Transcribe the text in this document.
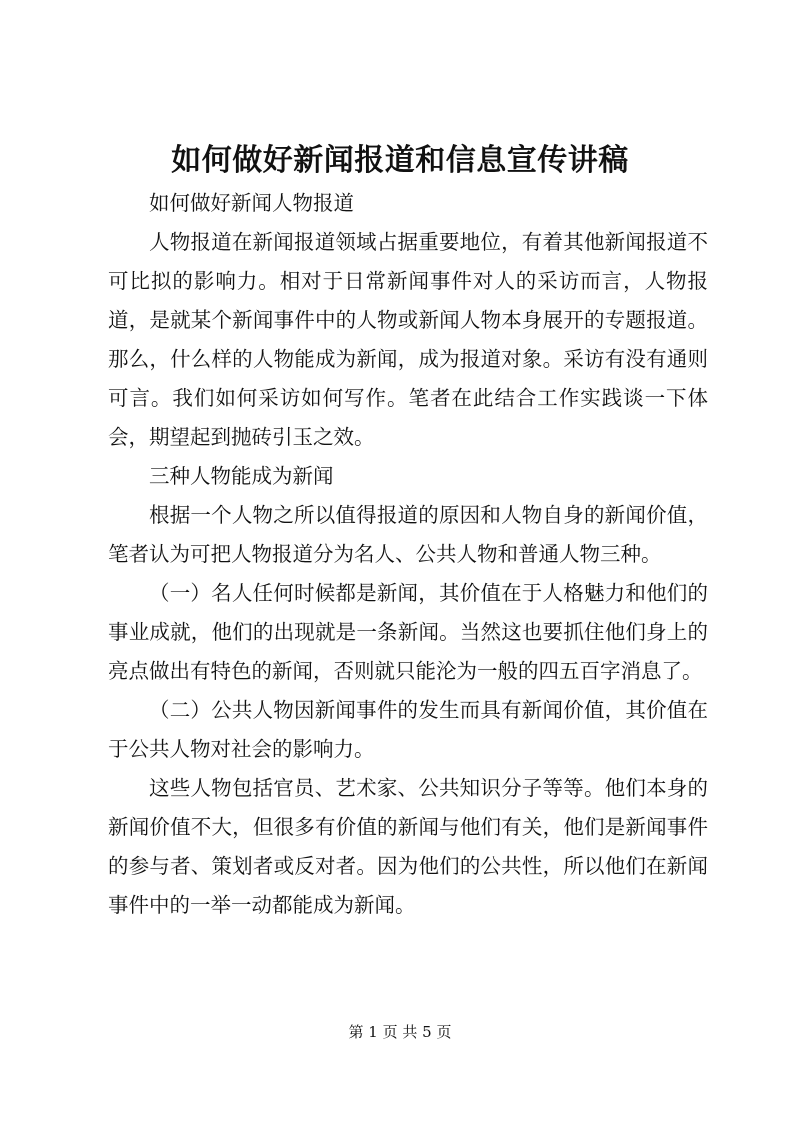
如何做好新闻报道和信息宣传讲稿

如何做好新闻人物报道

人物报道在新闻报道领域占据重要地位，有着其他新闻报道不可比拟的影响力。相对于日常新闻事件对人的采访而言，人物报道，是就某个新闻事件中的人物或新闻人物本身展开的专题报道。那么，什么样的人物能成为新闻，成为报道对象。采访有没有通则可言。我们如何采访如何写作。笔者在此结合工作实践谈一下体会，期望起到抛砖引玉之效。

三种人物能成为新闻

根据一个人物之所以值得报道的原因和人物自身的新闻价值，笔者认为可把人物报道分为名人、公共人物和普通人物三种。

（一）名人任何时候都是新闻，其价值在于人格魅力和他们的事业成就，他们的出现就是一条新闻。当然这也要抓住他们身上的亮点做出有特色的新闻，否则就只能沦为一般的四五百字消息了。

（二）公共人物因新闻事件的发生而具有新闻价值，其价值在于公共人物对社会的影响力。

这些人物包括官员、艺术家、公共知识分子等等。他们本身的新闻价值不大，但很多有价值的新闻与他们有关，他们是新闻事件的参与者、策划者或反对者。因为他们的公共性，所以他们在新闻事件中的一举一动都能成为新闻。

第 1 页 共 5 页
